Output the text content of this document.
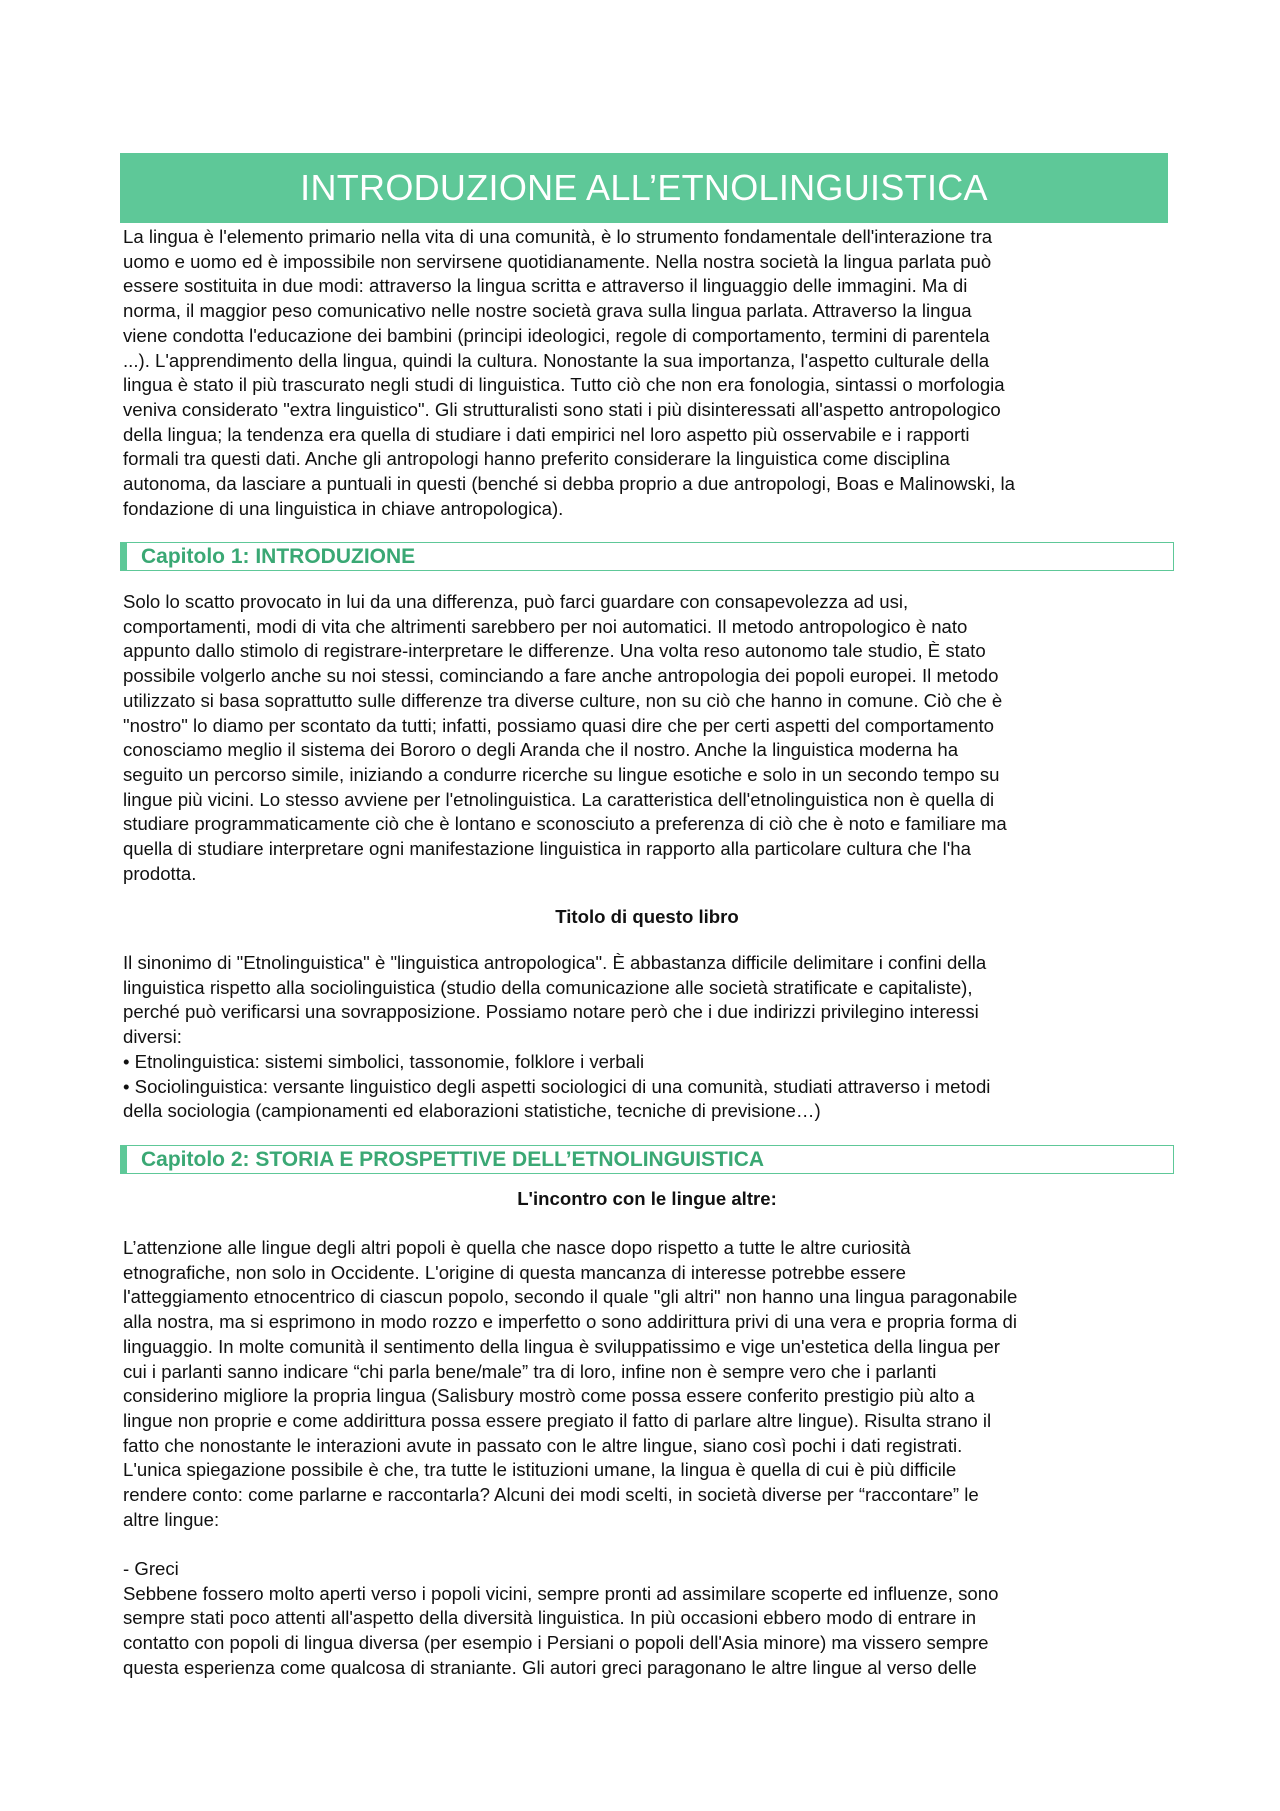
INTRODUZIONE ALL’ETNOLINGUISTICA
La lingua è l'elemento primario nella vita di una comunità, è lo strumento fondamentale dell'interazione tra
uomo e uomo ed è impossibile non servirsene quotidianamente. Nella nostra società la lingua parlata può
essere sostituita in due modi: attraverso la lingua scritta e attraverso il linguaggio delle immagini. Ma di
norma, il maggior peso comunicativo nelle nostre società grava sulla lingua parlata. Attraverso la lingua
viene condotta l'educazione dei bambini (principi ideologici, regole di comportamento, termini di parentela
...). L'apprendimento della lingua, quindi la cultura. Nonostante la sua importanza, l'aspetto culturale della
lingua è stato il più trascurato negli studi di linguistica. Tutto ciò che non era fonologia, sintassi o morfologia
veniva considerato "extra linguistico". Gli strutturalisti sono stati i più disinteressati all'aspetto antropologico
della lingua; la tendenza era quella di studiare i dati empirici nel loro aspetto più osservabile e i rapporti
formali tra questi dati. Anche gli antropologi hanno preferito considerare la linguistica come disciplina
autonoma, da lasciare a puntuali in questi (benché si debba proprio a due antropologi, Boas e Malinowski, la
fondazione di una linguistica in chiave antropologica).
Capitolo 1: INTRODUZIONE
Solo lo scatto provocato in lui da una differenza, può farci guardare con consapevolezza ad usi,
comportamenti, modi di vita che altrimenti sarebbero per noi automatici. Il metodo antropologico è nato
appunto dallo stimolo di registrare-interpretare le differenze. Una volta reso autonomo tale studio, È stato
possibile volgerlo anche su noi stessi, cominciando a fare anche antropologia dei popoli europei. Il metodo
utilizzato si basa soprattutto sulle differenze tra diverse culture, non su ciò che hanno in comune. Ciò che è
"nostro" lo diamo per scontato da tutti; infatti, possiamo quasi dire che per certi aspetti del comportamento
conosciamo meglio il sistema dei Bororo o degli Aranda che il nostro. Anche la linguistica moderna ha
seguito un percorso simile, iniziando a condurre ricerche su lingue esotiche e solo in un secondo tempo su
lingue più vicini. Lo stesso avviene per l'etnolinguistica. La caratteristica dell'etnolinguistica non è quella di
studiare programmaticamente ciò che è lontano e sconosciuto a preferenza di ciò che è noto e familiare ma
quella di studiare interpretare ogni manifestazione linguistica in rapporto alla particolare cultura che l'ha
prodotta.

Titolo di questo libro

Il sinonimo di "Etnolinguistica" è "linguistica antropologica". È abbastanza difficile delimitare i confini della
linguistica rispetto alla sociolinguistica (studio della comunicazione alle società stratificate e capitaliste),
perché può verificarsi una sovrapposizione. Possiamo notare però che i due indirizzi privilegino interessi
diversi:
• Etnolinguistica: sistemi simbolici, tassonomie, folklore i verbali
• Sociolinguistica: versante linguistico degli aspetti sociologici di una comunità, studiati attraverso i metodi
della sociologia (campionamenti ed elaborazioni statistiche, tecniche di previsione…)
Capitolo 2: STORIA E PROSPETTIVE DELL’ETNOLINGUISTICA

L'incontro con le lingue altre:

L’attenzione alle lingue degli altri popoli è quella che nasce dopo rispetto a tutte le altre curiosità
etnografiche, non solo in Occidente. L'origine di questa mancanza di interesse potrebbe essere
l'atteggiamento etnocentrico di ciascun popolo, secondo il quale "gli altri" non hanno una lingua paragonabile
alla nostra, ma si esprimono in modo rozzo e imperfetto o sono addirittura privi di una vera e propria forma di
linguaggio. In molte comunità il sentimento della lingua è sviluppatissimo e vige un'estetica della lingua per
cui i parlanti sanno indicare “chi parla bene/male” tra di loro, infine non è sempre vero che i parlanti
considerino migliore la propria lingua (Salisbury mostrò come possa essere conferito prestigio più alto a
lingue non proprie e come addirittura possa essere pregiato il fatto di parlare altre lingue). Risulta strano il
fatto che nonostante le interazioni avute in passato con le altre lingue, siano così pochi i dati registrati.
L'unica spiegazione possibile è che, tra tutte le istituzioni umane, la lingua è quella di cui è più difficile
rendere conto: come parlarne e raccontarla? Alcuni dei modi scelti, in società diverse per “raccontare” le
altre lingue:
- Greci
Sebbene fossero molto aperti verso i popoli vicini, sempre pronti ad assimilare scoperte ed influenze, sono
sempre stati poco attenti all'aspetto della diversità linguistica. In più occasioni ebbero modo di entrare in
contatto con popoli di lingua diversa (per esempio i Persiani o popoli dell'Asia minore) ma vissero sempre
questa esperienza come qualcosa di straniante. Gli autori greci paragonano le altre lingue al verso delle
